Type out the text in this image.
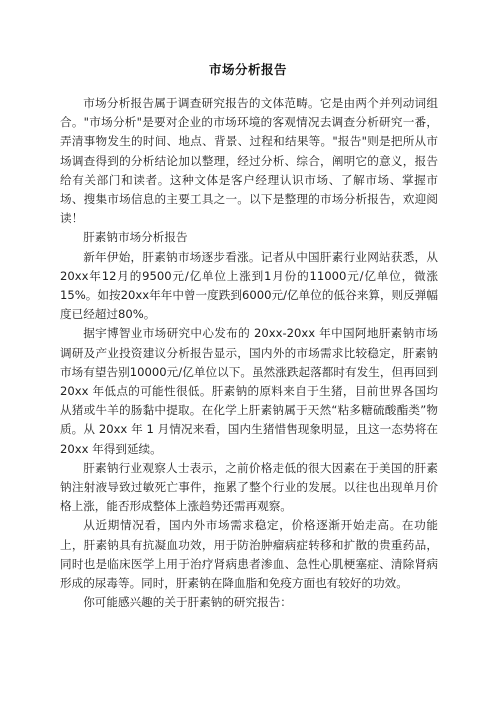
市场分析报告

市场分析报告属于调查研究报告的文体范畴。它是由两个并列动词组合。"市场分析"是要对企业的市场环境的客观情况去调查分析研究一番，弄清事物发生的时间、地点、背景、过程和结果等。"报告"则是把所从市场调查得到的分析结论加以整理，经过分析、综合，阐明它的意义，报告给有关部门和读者。这种文体是客户经理认识市场、了解市场、掌握市场、搜集市场信息的主要工具之一。以下是整理的市场分析报告，欢迎阅读！

肝素钠市场分析报告

新年伊始，肝素钠市场逐步看涨。记者从中国肝素行业网站获悉，从20xx年12月的9500元/亿单位上涨到1月份的11000元/亿单位，微涨15%。如按20xx年年中曾一度跌到6000元/亿单位的低谷来算，则反弹幅度已经超过80%。

据宇博智业市场研究中心发布的 20xx-20xx 年中国阿地肝素钠市场调研及产业投资建议分析报告显示，国内外的市场需求比较稳定，肝素钠市场有望告别10000元/亿单位以下。虽然涨跌起落都时有发生，但再回到 20xx 年低点的可能性很低。肝素钠的原料来自于生猪，目前世界各国均从猪或牛羊的肠黏中提取。在化学上肝素钠属于天然“粘多糖硫酸酯类”物质。从 20xx 年 1 月情况来看，国内生猪惜售现象明显，且这一态势将在 20xx 年得到延续。

肝素钠行业观察人士表示，之前价格走低的很大因素在于美国的肝素钠注射液导致过敏死亡事件，拖累了整个行业的发展。以往也出现单月价格上涨，能否形成整体上涨趋势还需再观察。

从近期情况看，国内外市场需求稳定，价格逐渐开始走高。在功能上，肝素钠具有抗凝血功效，用于防治肿瘤病症转移和扩散的贵重药品，同时也是临床医学上用于治疗肾病患者渗血、急性心肌梗塞症、清除肾病形成的尿毒等。同时，肝素钠在降血脂和免疫方面也有较好的功效。

你可能感兴趣的关于肝素钠的研究报告：
